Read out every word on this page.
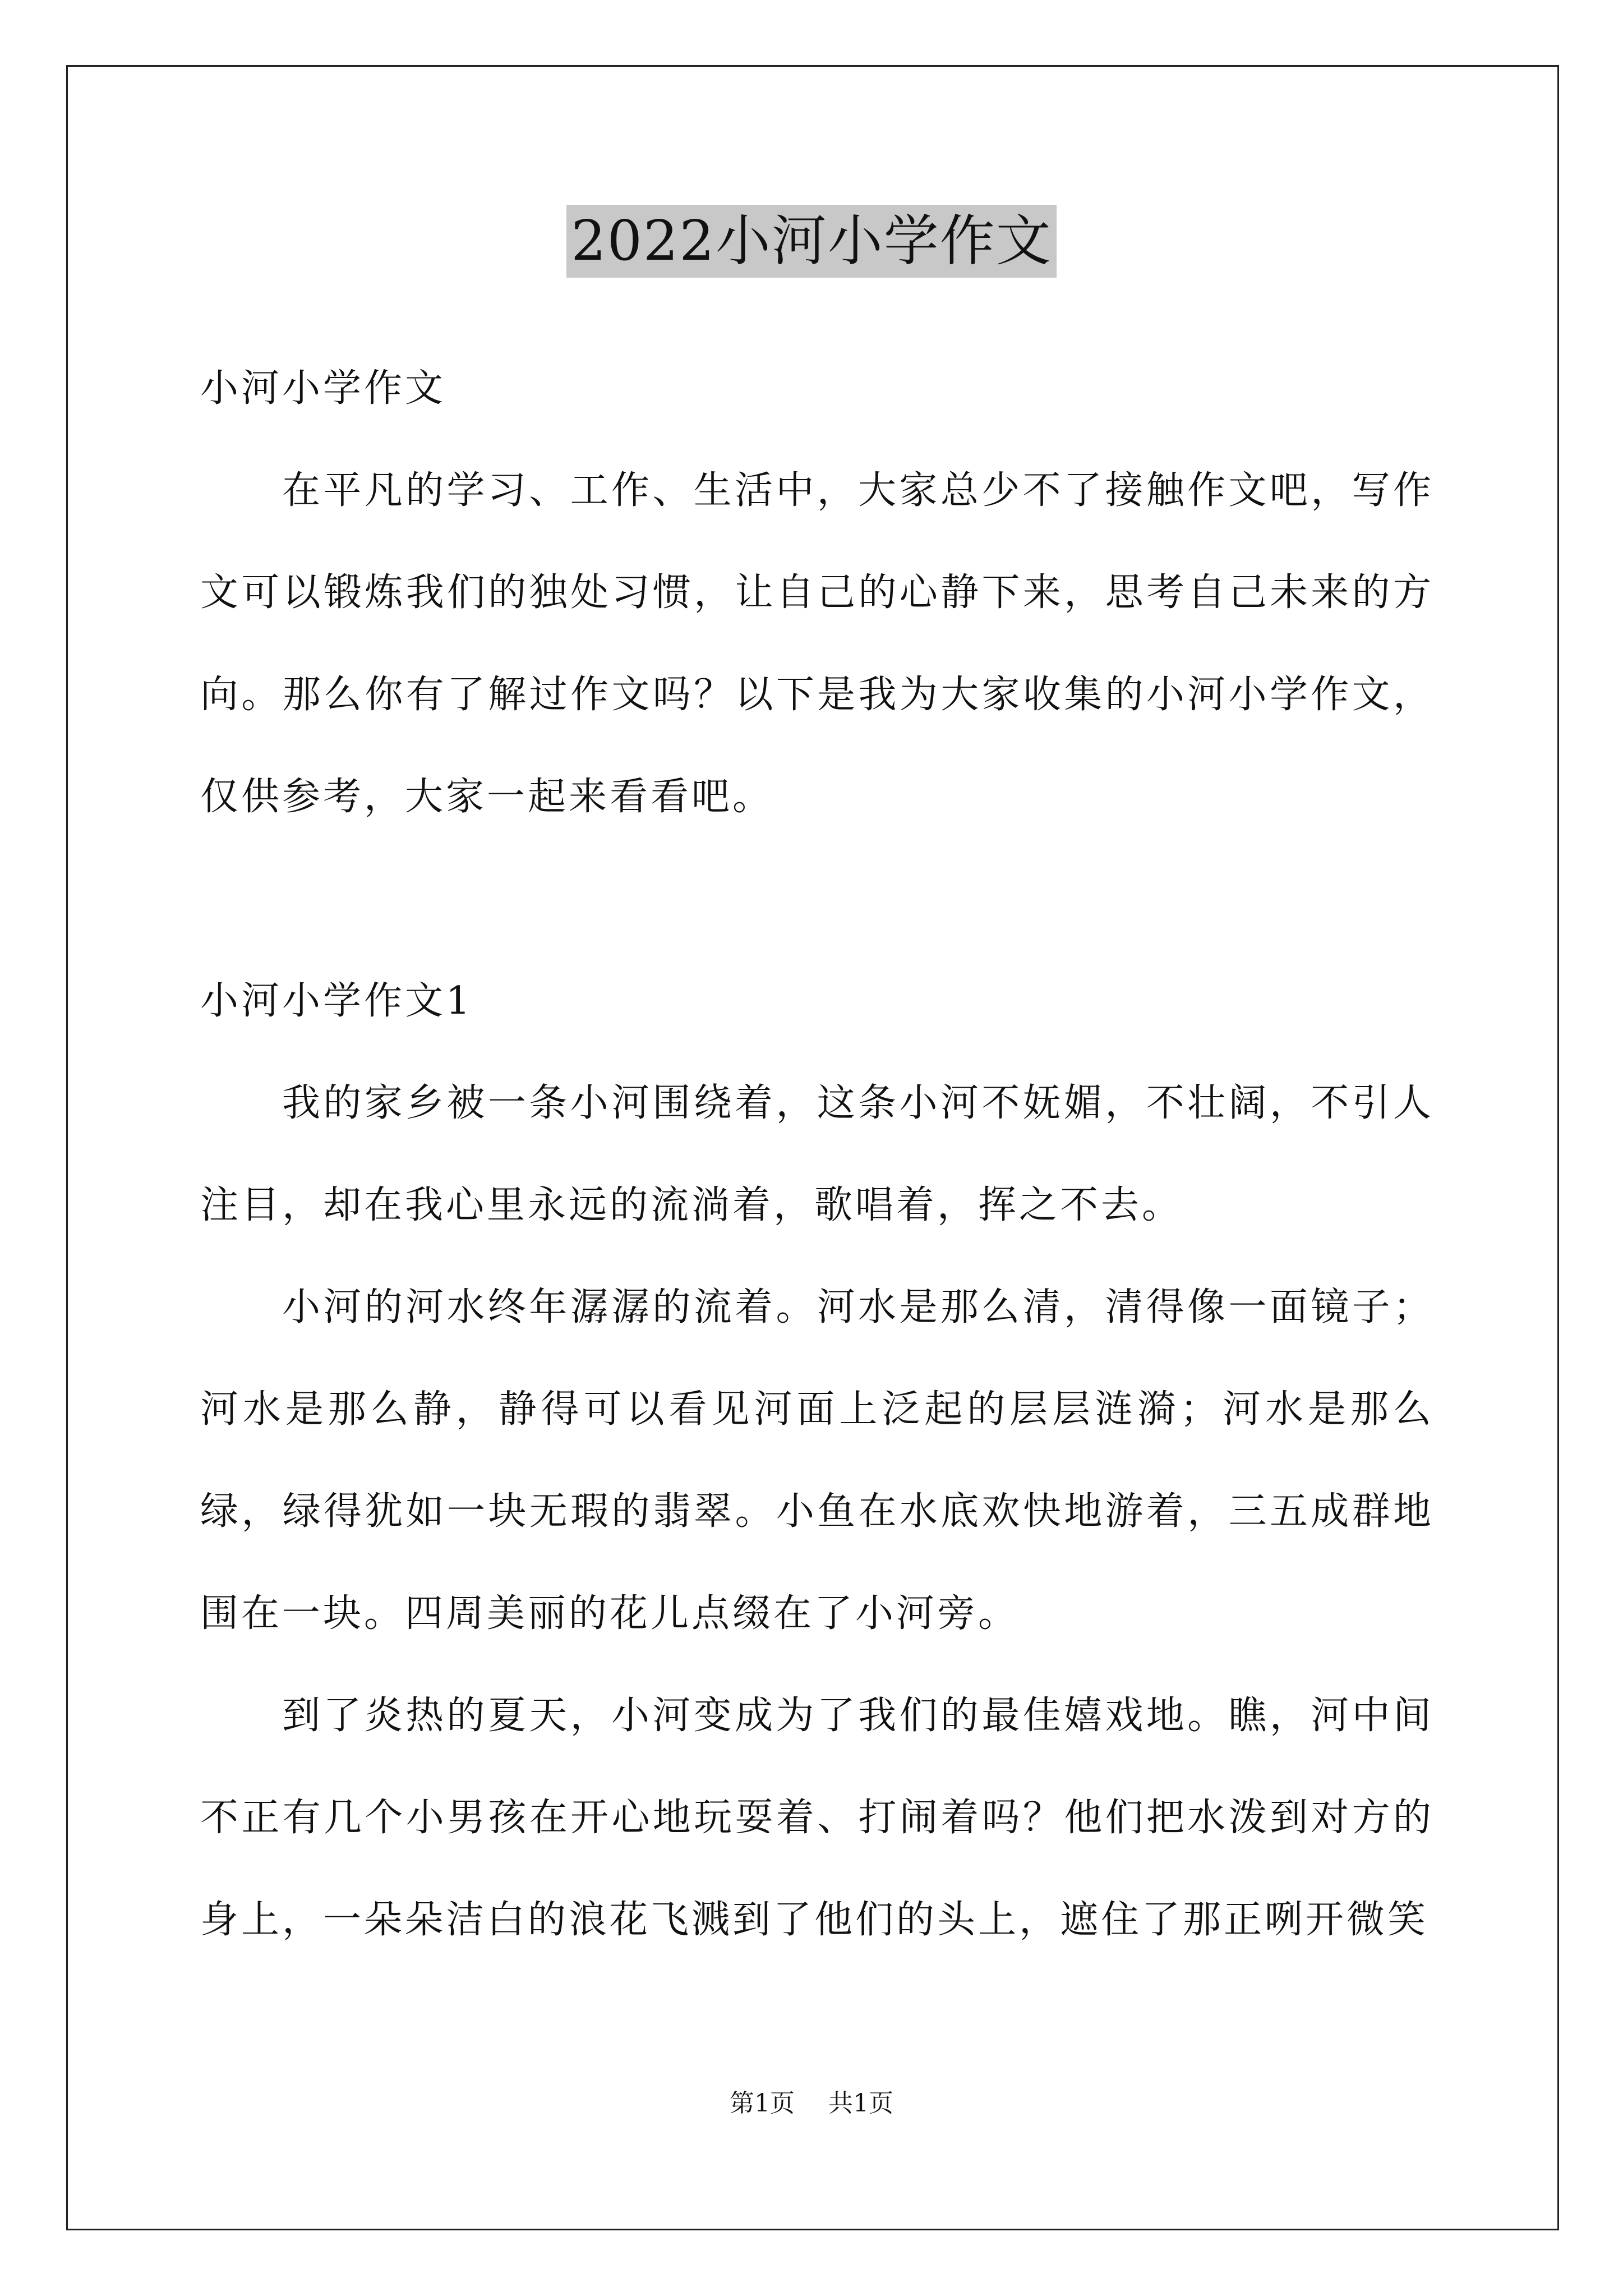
2022小河小学作文

小河小学作文

在平凡的学习、工作、生活中，大家总少不了接触作文吧，写作文可以锻炼我们的独处习惯，让自己的心静下来，思考自己未来的方向。那么你有了解过作文吗？以下是我为大家收集的小河小学作文，仅供参考，大家一起来看看吧。

小河小学作文1

我的家乡被一条小河围绕着，这条小河不妩媚，不壮阔，不引人注目，却在我心里永远的流淌着，歌唱着，挥之不去。

小河的河水终年潺潺的流着。河水是那么清，清得像一面镜子；河水是那么静，静得可以看见河面上泛起的层层涟漪；河水是那么绿，绿得犹如一块无瑕的翡翠。小鱼在水底欢快地游着，三五成群地围在一块。四周美丽的花儿点缀在了小河旁。

到了炎热的夏天，小河变成为了我们的最佳嬉戏地。瞧，河中间不正有几个小男孩在开心地玩耍着、打闹着吗？他们把水泼到对方的身上，一朵朵洁白的浪花飞溅到了他们的头上，遮住了那正咧开微笑

第1页 共1页
